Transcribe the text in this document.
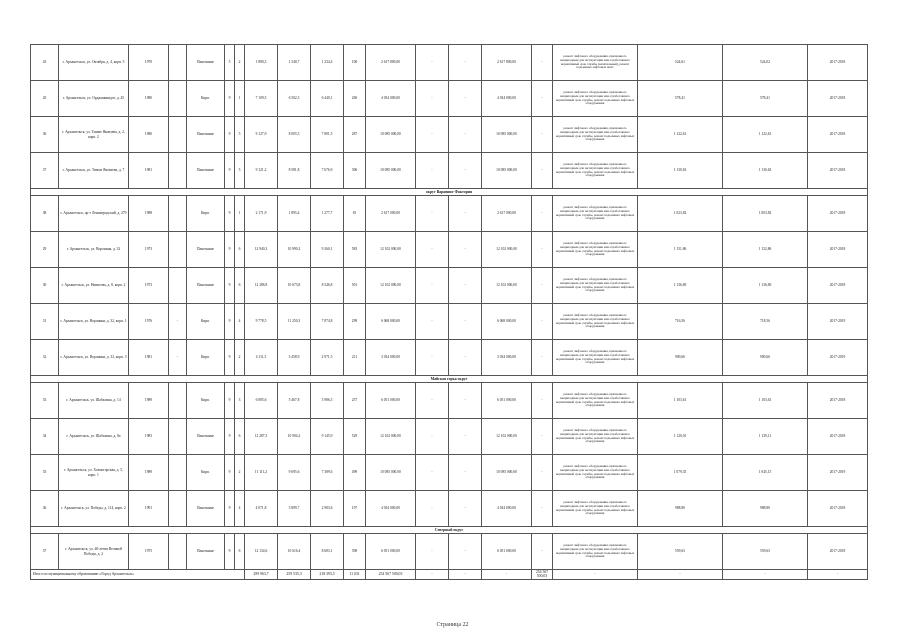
43	г. Архангельск, ул. Октября, д. 4, корп. 3	1970		Панельные	5	2	1 880,3	1 540,7	1 234,4	100	2 617 800,00	-	-	2 617 800,00	-	ремонт лифтового оборудования, признанного непригодным для эксплуатации или отработавшего нормативный срок службы (капитальный), ремонт подъемных лифтовых шахт	524,61	524,02	2017-2018
45	г. Архангельск, ул. Орджоникидзе, д. 45	1980		Кирп.	9	1	7 109,5	6 502,3	6 440,1	260	4 034 000,00	-	-	4 034 000,00	-	ремонт лифтового оборудования, признанного непригодным для эксплуатации или отработавшего нормативный срок службы, ремонт подъемных лифтовых оборудования	578,41	578,41	2017-2018
36	г. Архангельск, ул. Тимме Яковлева, д. 2, корп. 2	1980		Панельные	9	5	9 127,9	8 005,5	7 801,5	287	10 085 000,00	-	-	10 085 000,00	-	ремонт лифтового оборудования, признанного непригодным для эксплуатации или отработавшего нормативный срок службы, ремонт подъемных лифтовых оборудования	1 122,61	1 122,61	2017-2018
37	г. Архангельск, ул. Тимме Яковлева, д. 7	1981		Панельные	9	5	9 121,2	8 581,8	7 676,9	306	10 085 000,00	-	-	10 085 000,00	-	ремонт лифтового оборудования, признанного непригодным для эксплуатации или отработавшего нормативный срок службы, ремонт подъемных лифтовых оборудования	1 130,63	1 130,63	2017-2018
округ Варавино-Фактория																			
38	г. Архангельск, пр-т Ленинградский, д. 279	1988		Кирп.	9	1	2 171,9	1 895,4	1 277,7	81	2 617 000,00	-	-	2 617 000,00	-	ремонт лифтового оборудования, признанного непригодным для эксплуатации или отработавшего нормативный срок службы, ремонт подъемных лифтовых оборудования	1 023,82	1 003,82	2017-2018
29	г. Архангельск, ул. Воронина, д. 32	1973		Панельные	9	6	12 940,3	10 990,2	9 260,1	583	12 102 000,00	-	-	12 102 000,00	-	ремонт лифтового оборудования, признанного непригодным для эксплуатации или отработавшего нормативный срок службы, ремонт подъемных лифтовых оборудования	1 151,86	1 152,86	2017-2018
30	г. Архангельск, ул. Никитова, д. 8, корп. 2	1973		Панельные	9	6	12 286,8	10 673,8	8 546,8	501	12 102 000,00	-	-	12 102 000,00	-	ремонт лифтового оборудования, признанного непригодным для эксплуатации или отработавшего нормативный срок службы, ремонт подъемных лифтовых оборудования	1 136,69	1 136,69	2017-2018
31	г. Архангельск, ул. Воронина, д. 32, корп. 1	1976	-	Кирп.	9	4	9 778,5	11 250,3	7 874,8	299	6 068 000,00	-	-	6 068 000,00	-	ремонт лифтового оборудования, признанного непригодным для эксплуатации или отработавшего нормативный срок службы, ремонт подъемных лифтовых оборудования	716,56	718,56	2017-2019
32	г. Архангельск, ул. Воронина, д. 32, корп. 3	1981	-	Кирп.	9	2	4 111,3	3 458,9	2 971,5	211	3 034 000,00	-	-	3 034 000,00	-	ремонт лифтового оборудования, признанного непригодным для эксплуатации или отработавшего нормативный срок службы, ремонт подъемных лифтовых оборудования	900,66	900,66	2017-2019
Майская горка округ																			
33	г. Архангельск, ул. Шабалина, д. 14	1989		Кирп.	9	3	6 085,6	5 467,8	3 986,5	257	6 051 000,00	-	-	6 051 000,00	-	ремонт лифтового оборудования, признанного непригодным для эксплуатации или отработавшего нормативный срок службы, ремонт подъемных лифтовых оборудования	1 103,61	1 103,61	2017-2018
34	г. Архангельск, ул. Шабалина, д. 8а	1983		Панельные	9	6	12 287,5	10 904,2	9 145,9	529	12 102 000,00	-	-	12 102 000,00	-	ремонт лифтового оборудования, признанного непригодным для эксплуатации или отработавшего нормативный срок службы, ремонт подъемных лифтовых оборудования	1 120,01	1 139,11	2017-2018
35	г. Архангельск, ул. Холмогорская, д. 5, корп. 1	1989		Кирп.	9	2	11 111,2	9 695,6	7 389,6	499	10 085 000,00	-	-	10 085 000,00	-	ремонт лифтового оборудования, признанного непригодным для эксплуатации или отработавшего нормативный срок службы, ремонт подъемных лифтовых оборудования	1 079,35	1 045,15	2017-2019
36	г. Архангельск, ул. Победы, д. 114, корп. 2	1991		Панельные	9	4	4 071,8	3 899,7	2 983,6	197	4 034 000,00	-	-	4 034 000,00	-	ремонт лифтового оборудования, признанного непригодным для эксплуатации или отработавшего нормативный срок службы, ремонт подъемных лифтовых оборудования	988,80	988,80	2017-2018
Северный округ																			
37	г. Архангельск, ул. 40-летия Великой Победы, д. 2	1975		Панельные	9	6	12 134,6	10 616,4	8 683,1	398	6 051 000,00	-	-	6 051 000,00	-	ремонт лифтового оборудования, признанного непригодным для эксплуатации или отработавшего нормативный срок службы, ремонт подъемных лифтовых оборудования	559,63	559,63	2017-2018
Итого по муниципальному образованию «Город Архангельск»							299 963,7	259 535,3	218 393,5	11 031	254 567 500,03	-	-	-	254 567 500,03	-	-	-	-
Страница 22
